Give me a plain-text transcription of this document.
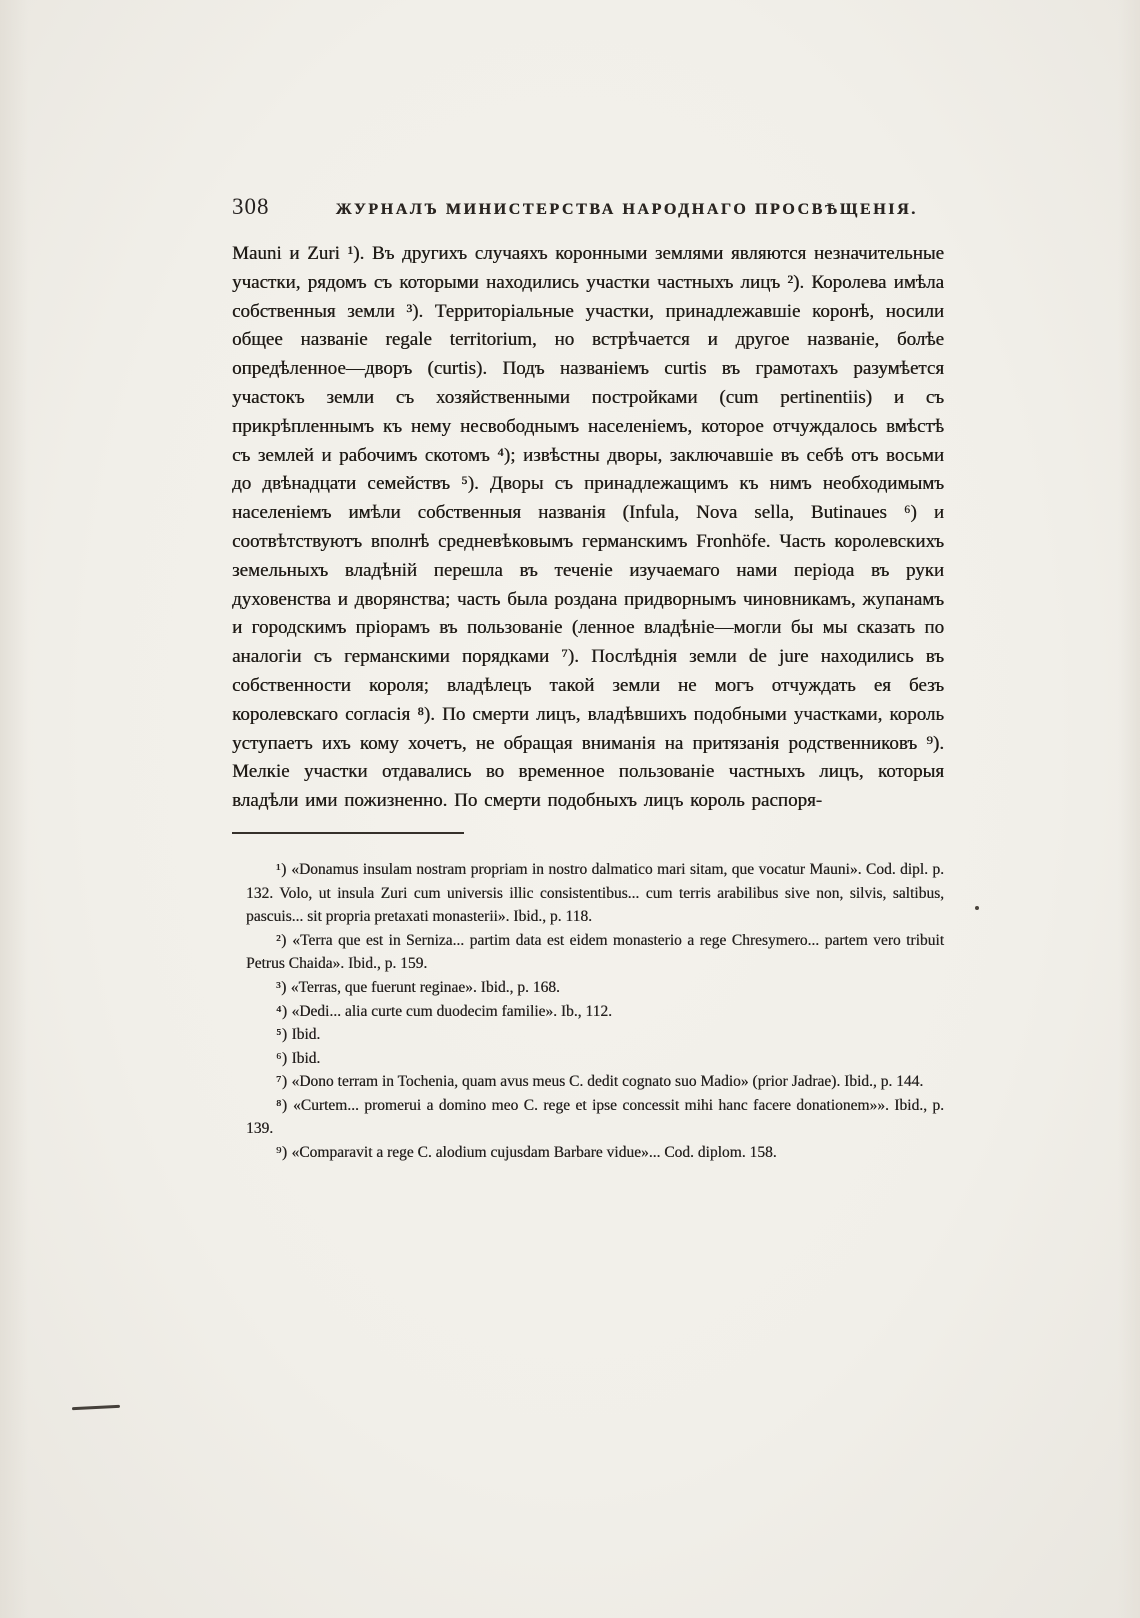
308	ЖУРНАЛЪ МИНИСТЕРСТВА НАРОДНАГО ПРОСВѢЩЕНІЯ.
Mauni и Zuri ¹). Въ другихъ случаяхъ коронными землями являются незначительные участки, рядомъ съ которыми находились участки частныхъ лицъ ²). Королева имѣла собственныя земли ³). Территоріальные участки, принадлежавшіе коронѣ, носили общее названіе regale territorium, но встрѣчается и другое названіе, болѣе опредѣленное—дворъ (curtis). Подъ названіемъ curtis въ грамотахъ разумѣется участокъ земли съ хозяйственными постройками (cum pertinentiis) и съ прикрѣпленнымъ къ нему несвободнымъ населеніемъ, которое отчуждалось вмѣстѣ съ землей и рабочимъ скотомъ ⁴); извѣстны дворы, заключавшіе въ себѣ отъ восьми до двѣнадцати семействъ ⁵). Дворы съ принадлежащимъ къ нимъ необходимымъ населеніемъ имѣли собственныя названія (Infula, Nova sella, Butinaues ⁶) и соотвѣтствуютъ вполнѣ средневѣковымъ германскимъ Fronhöfe. Часть королевскихъ земельныхъ владѣній перешла въ теченіе изучаемаго нами періода въ руки духовенства и дворянства; часть была роздана придворнымъ чиновникамъ, жупанамъ и городскимъ пріорамъ въ пользованіе (ленное владѣніе—могли бы мы сказать по аналогіи съ германскими порядками ⁷). Послѣднія земли de jure находились въ собственности короля; владѣлецъ такой земли не могъ отчуждать ея безъ королевскаго согласія ⁸). По смерти лицъ, владѣвшихъ подобными участками, король уступаетъ ихъ кому хочетъ, не обращая вниманія на притязанія родственниковъ ⁹). Мелкіе участки отдавались во временное пользованіе частныхъ лицъ, которыя владѣли ими пожизненно. По смерти подобныхъ лицъ король распоря-

¹) «Donamus insulam nostram propriam in nostro dalmatico mari sitam, que vocatur Mauni». Cod. dipl. p. 132. Volo, ut insula Zuri cum universis illic consistentibus... cum terris arabilibus sive non, silvis, saltibus, pascuis... sit propria pretaxati monasterii». Ibid., p. 118.

²) «Terra que est in Serniza... partim data est eidem monasterio a rege Chresymero... partem vero tribuit Petrus Chaida». Ibid., p. 159.

³) «Terras, que fuerunt reginae». Ibid., p. 168.

⁴) «Dedi... alia curte cum duodecim familie». Ib., 112.

⁵) Ibid.

⁶) Ibid.

⁷) «Dono terram in Tochenia, quam avus meus C. dedit cognato suo Madio» (prior Jadrae). Ibid., p. 144.

⁸) «Curtem... promerui a domino meo C. rege et ipse concessit mihi hanc facere donationem»». Ibid., p. 139.

⁹) «Comparavit a rege C. alodium cujusdam Barbare vidue»... Cod. diplom. 158.
